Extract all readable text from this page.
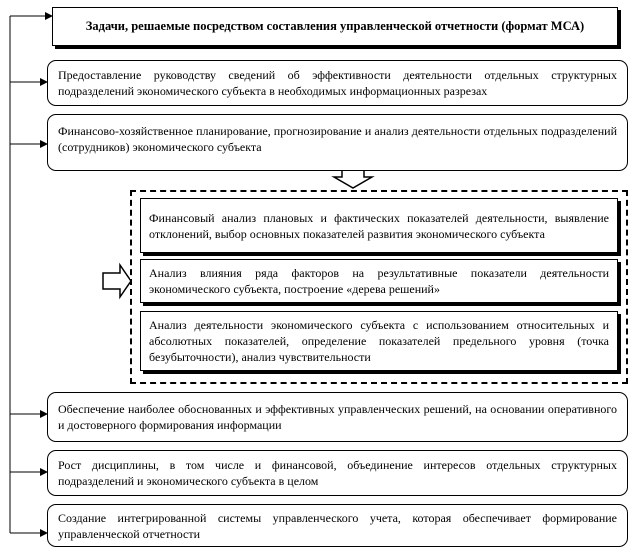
Задачи, решаемые посредством составления управленческой отчетности (формат МСА)
Предоставление руководству сведений об эффективности деятельности отдельных структурных подразделений экономического субъекта в необходимых информационных разрезах
Финансово-хозяйственное планирование, прогнозирование и анализ деятельности отдельных подразделений (сотрудников) экономического субъекта
Финансовый анализ плановых и фактических показателей деятельности, выявление отклонений, выбор основных показателей развития экономического субъекта
Анализ влияния ряда факторов на результативные показатели деятельности экономического субъекта, построение «дерева решений»
Анализ деятельности экономического субъекта с использованием относительных и абсолютных показателей, определение показателей предельного уровня (точка безубыточности), анализ чувствительности
Обеспечение наиболее обоснованных и эффективных управленческих решений, на основании оперативного и достоверного формирования информации
Рост дисциплины, в том числе и финансовой, объединение интересов отдельных структурных подразделений и экономического субъекта в целом
Создание интегрированной системы управленческого учета, которая обеспечивает формирование управленческой отчетности
